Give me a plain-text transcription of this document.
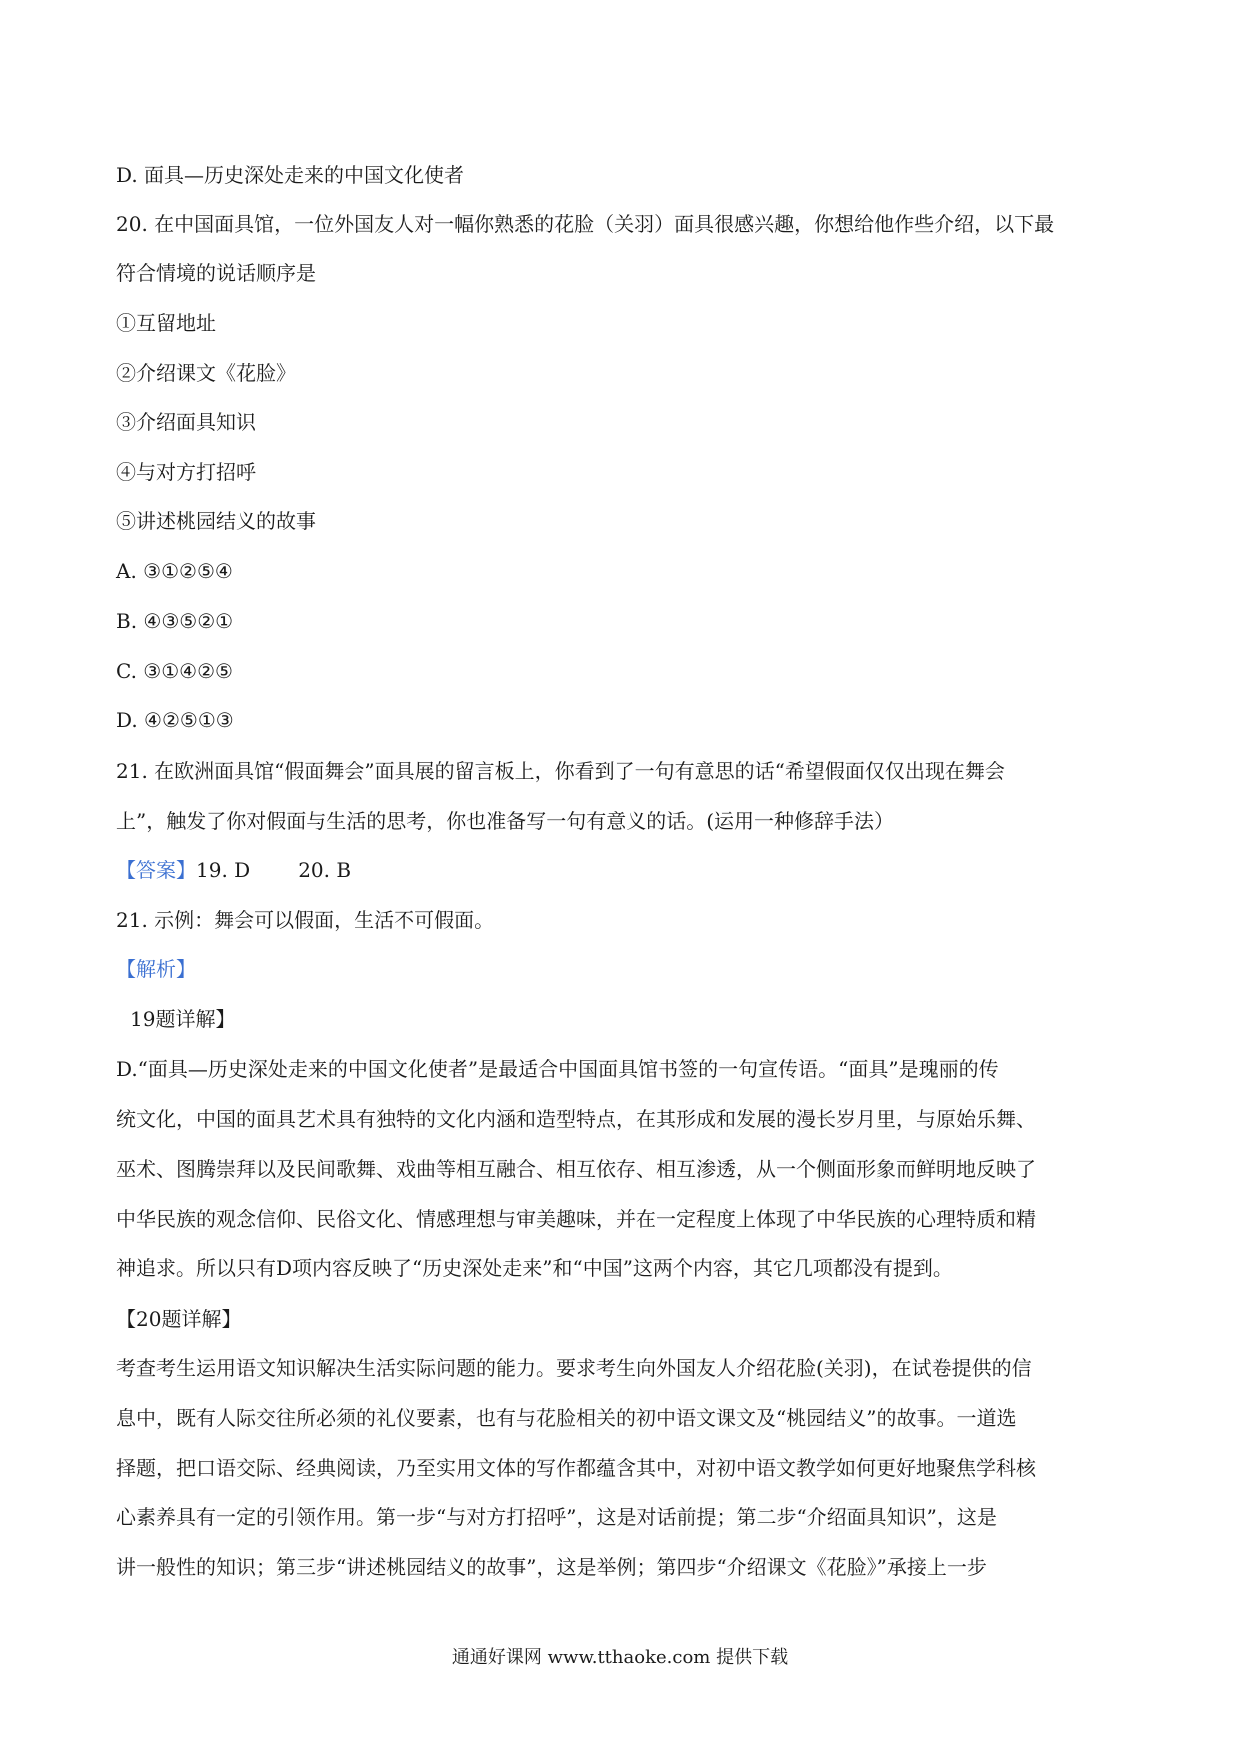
D. 面具—历史深处走来的中国文化使者
20. 在中国面具馆，一位外国友人对一幅你熟悉的花脸（关羽）面具很感兴趣，你想给他作些介绍，以下最
符合情境的说话顺序是
①互留地址
②介绍课文《花脸》
③介绍面具知识
④与对方打招呼
⑤讲述桃园结义的故事
A. ③①②⑤④
B. ④③⑤②①
C. ③①④②⑤
D. ④②⑤①③
21. 在欧洲面具馆“假面舞会”面具展的留言板上，你看到了一句有意思的话“希望假面仅仅出现在舞会
上”，触发了你对假面与生活的思考，你也准备写一句有意义的话。(运用一种修辞手法）
【答案】19. D 20. B
21. 示例：舞会可以假面，生活不可假面。
【解析】
19题详解】
D.“面具—历史深处走来的中国文化使者”是最适合中国面具馆书签的一句宣传语。“面具”是瑰丽的传
统文化，中国的面具艺术具有独特的文化内涵和造型特点，在其形成和发展的漫长岁月里，与原始乐舞、
巫术、图腾崇拜以及民间歌舞、戏曲等相互融合、相互依存、相互渗透，从一个侧面形象而鲜明地反映了
中华民族的观念信仰、民俗文化、情感理想与审美趣味，并在一定程度上体现了中华民族的心理特质和精
神追求。所以只有D项内容反映了“历史深处走来”和“中国”这两个内容，其它几项都没有提到。
【20题详解】
考查考生运用语文知识解决生活实际问题的能力。要求考生向外国友人介绍花脸(关羽)，在试卷提供的信
息中，既有人际交往所必须的礼仪要素，也有与花脸相关的初中语文课文及“桃园结义”的故事。一道选
择题，把口语交际、经典阅读，乃至实用文体的写作都蕴含其中，对初中语文教学如何更好地聚焦学科核
心素养具有一定的引领作用。第一步“与对方打招呼”，这是对话前提；第二步“介绍面具知识”，这是
讲一般性的知识；第三步“讲述桃园结义的故事”，这是举例；第四步“介绍课文《花脸》”承接上一步
通通好课网 www.tthaoke.com 提供下载
